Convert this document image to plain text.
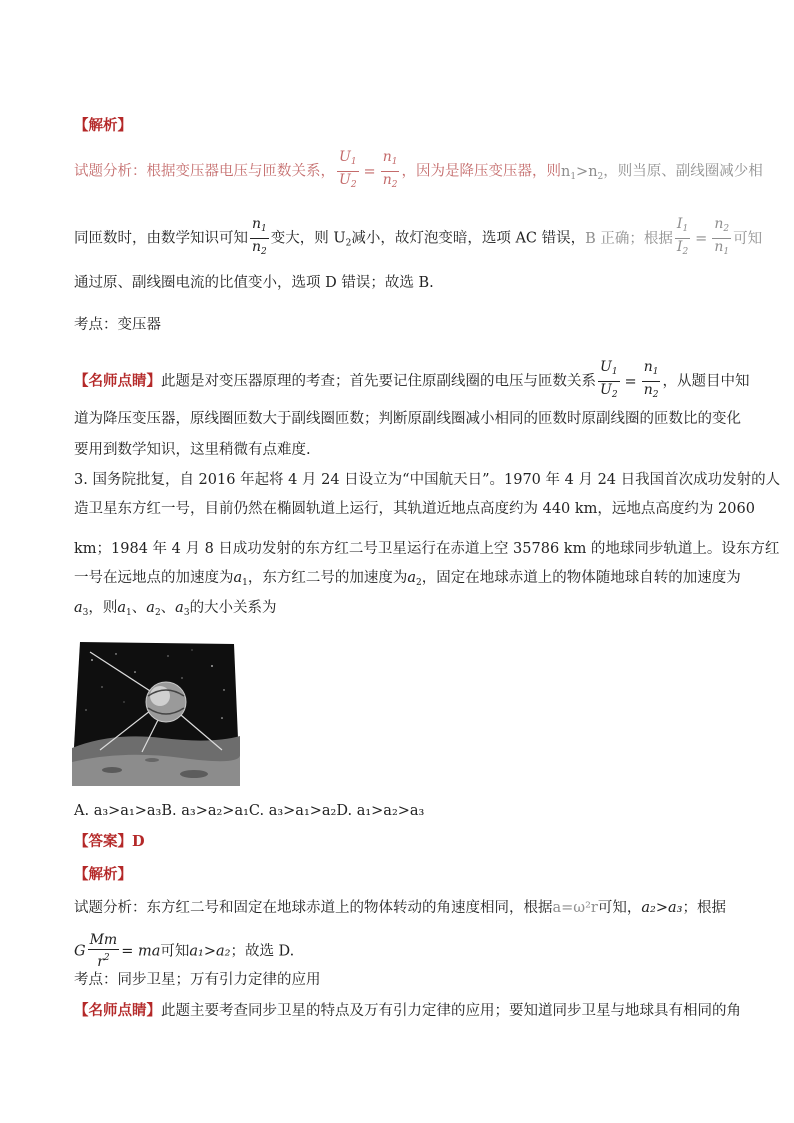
【解析】
试题分析：根据变压器电压与匝数关系， $\frac{U_1}{U_2} = \frac{n_1}{n_2}$ ，因为是降压变压器，则$n_1>n_2$，则当原、副线圈减少相
同匝数时，由数学知识可知 $\frac{n_1}{n_2}$ 变大，则 $U_2$减小，故灯泡变暗，选项 AC 错误，B 正确；根据 $\frac{I_1}{I_2} = \frac{n_2}{n_1}$ 可知
通过原、副线圈电流的比值变小，选项 D 错误；故选 B.
考点：变压器
【名师点睛】此题是对变压器原理的考查；首先要记住原副线圈的电压与匝数关系 $\frac{U_1}{U_2} = \frac{n_1}{n_2}$ ，从题目中知
道为降压变压器，原线圈匝数大于副线圈匝数；判断原副线圈减小相同的匝数时原副线圈的匝数比的变化
要用到数学知识，这里稍微有点难度.
3. 国务院批复，自 2016 年起将 4 月 24 日设立为“中国航天日”。1970 年 4 月 24 日我国首次成功发射的人
造卫星东方红一号，目前仍然在椭圆轨道上运行，其轨道近地点高度约为 440 km，远地点高度约为 2060
km；1984 年 4 月 8 日成功发射的东方红二号卫星运行在赤道上空 35786 km 的地球同步轨道上。设东方红
一号在远地点的加速度为$a_1$，东方红二号的加速度为$a_2$，固定在地球赤道上的物体随地球自转的加速度为
$a_3$，则$a_1$、$a_2$、$a_3$的大小关系为
A. a₃>a₁>a₃B. a₃>a₂>a₁C. a₃>a₁>a₂D. a₁>a₂>a₃
【答案】D
【解析】
试题分析：东方红二号和固定在地球赤道上的物体转动的角速度相同，根据a=ω²r可知，a₂>a₃；根据
G $\frac{Mm}{r^2}$ = ma可知a₁>a₂；故选 D.
考点：同步卫星；万有引力定律的应用
【名师点睛】此题主要考查同步卫星的特点及万有引力定律的应用；要知道同步卫星与地球具有相同的角
